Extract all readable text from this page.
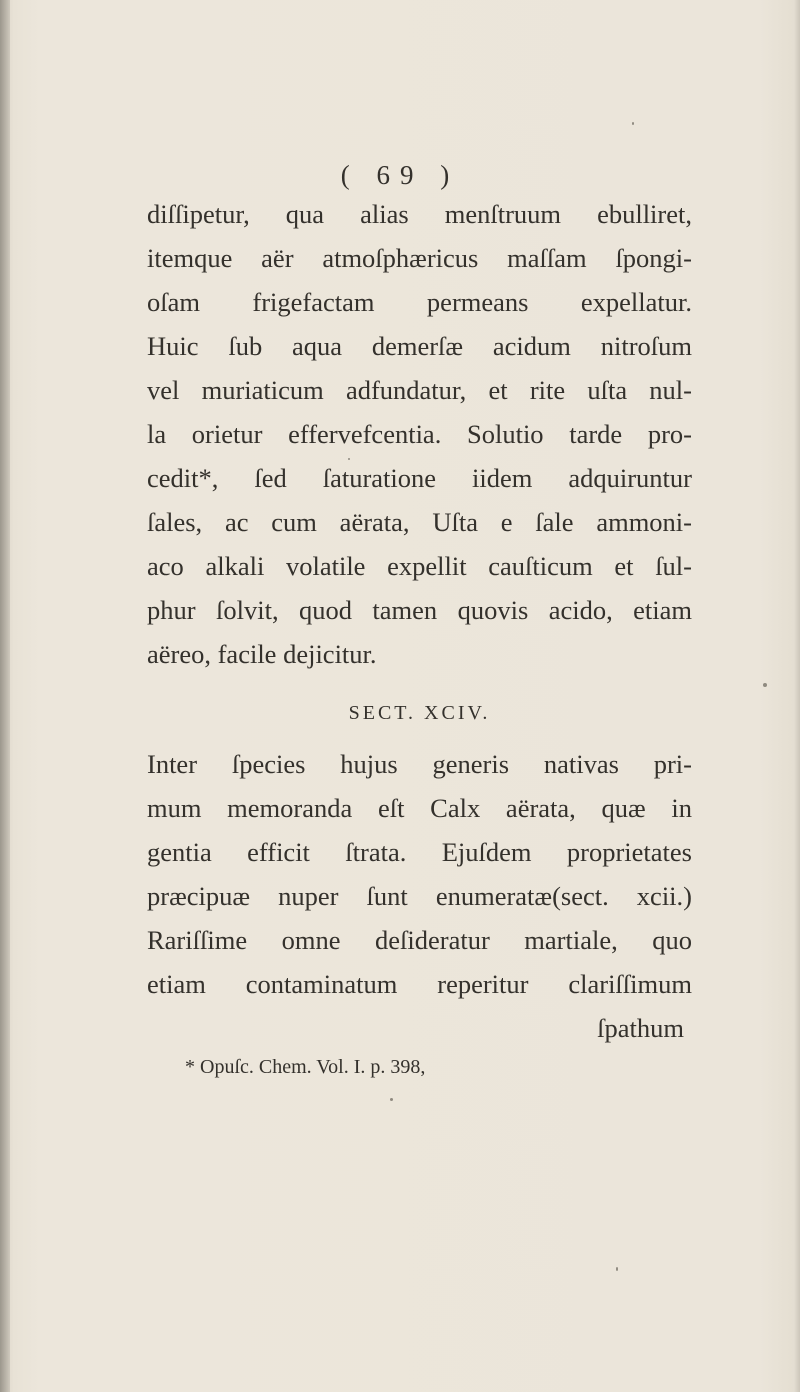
( 69 )
diſſipetur, qua alias menſtruum ebulliret,
itemque aër atmoſphæricus maſſam ſpongi-
oſam frigefactam permeans expellatur.
Huic ſub aqua demerſæ acidum nitroſum
vel muriaticum adfundatur, et rite uſta nul-
la orietur effervefcentia. Solutio tarde pro-
cedit*, ſed ſaturatione iidem adquiruntur
ſales, ac cum aërata, Uſta e ſale ammoni-
aco alkali volatile expellit cauſticum et ſul-
phur ſolvit, quod tamen quovis acido, etiam
aëreo, facile dejicitur.
SECT. XCIV.
Inter ſpecies hujus generis nativas pri-
mum memoranda eſt Calx aërata, quæ in
gentia efficit ſtrata. Ejuſdem proprietates
præcipuæ nuper ſunt enumeratæ(sect. xcii.)
Rariſſime omne deſideratur martiale, quo
etiam contaminatum reperitur clariſſimum
ſpathum
* Opuſc. Chem. Vol. I. p. 398,
